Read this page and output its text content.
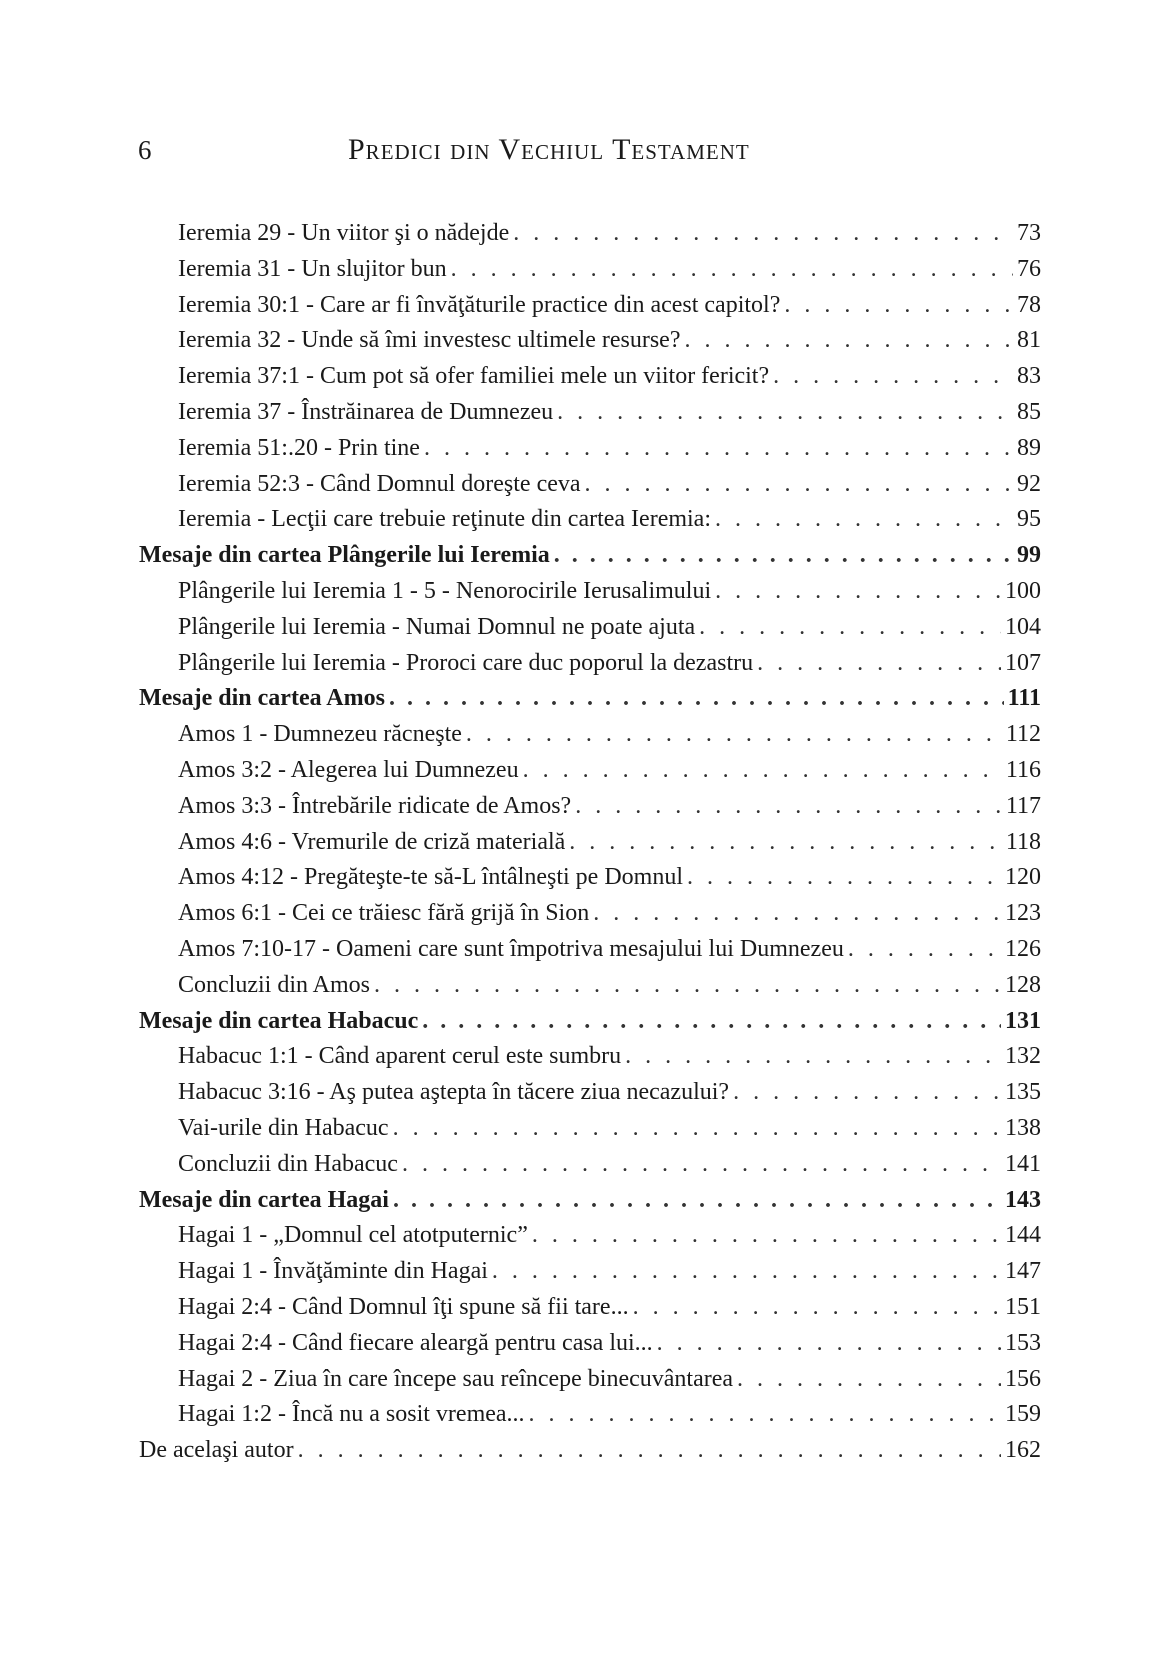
6	Predici din Vechiul Testament
Ieremia 29 - Un viitor şi o nădejde . . .	73
Ieremia 31 - Un slujitor bun . . .	76
Ieremia 30:1 - Care ar fi învăţăturile practice din acest capitol? . . .	78
Ieremia 32 - Unde să îmi investesc ultimele resurse? . . .	81
Ieremia 37:1 - Cum pot să ofer familiei mele un viitor fericit? . . .	83
Ieremia 37 - Înstrăinarea de Dumnezeu . . .	85
Ieremia 51:.20 - Prin tine . . .	89
Ieremia 52:3 - Când Domnul doreşte ceva . . .	92
Ieremia - Lecţii care trebuie reţinute din cartea Ieremia: . . .	95
Mesaje din cartea Plângerile lui Ieremia . . .	99
Plângerile lui Ieremia 1 - 5 - Nenorocirile Ierusalimului . . .	100
Plângerile lui Ieremia - Numai Domnul ne poate ajuta . . .	104
Plângerile lui Ieremia - Proroci care duc poporul la dezastru . . .	107
Mesaje din cartea Amos . . .	111
Amos 1 - Dumnezeu răcneşte . . .	112
Amos 3:2 - Alegerea lui Dumnezeu . . .	116
Amos 3:3 - Întrebările ridicate de Amos? . . .	117
Amos 4:6 - Vremurile de criză materială . . .	118
Amos 4:12 - Pregăteşte-te să-L întâlneşti pe Domnul . . .	120
Amos 6:1 - Cei ce trăiesc fără grijă în Sion . . .	123
Amos 7:10-17 - Oameni care sunt împotriva mesajului lui Dumnezeu . . .	126
Concluzii din Amos . . .	128
Mesaje din cartea Habacuc . . .	131
Habacuc 1:1 - Când aparent cerul este sumbru . . .	132
Habacuc 3:16 - Aş putea aştepta în tăcere ziua necazului? . . .	135
Vai-urile din Habacuc . . .	138
Concluzii din Habacuc . . .	141
Mesaje din cartea Hagai . . .	143
Hagai 1 - „Domnul cel atotputernic” . . .	144
Hagai 1 - Învăţăminte din Hagai . . .	147
Hagai 2:4 - Când Domnul îţi spune să fii tare... . . .	151
Hagai 2:4 - Când fiecare aleargă pentru casa lui... . . .	153
Hagai 2 - Ziua în care începe sau reîncepe binecuvântarea . . .	156
Hagai 1:2 - Încă nu a sosit vremea... . . .	159
De acelaşi autor . . .	162
